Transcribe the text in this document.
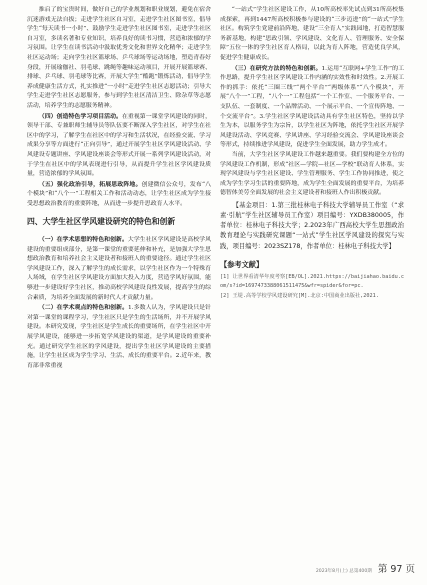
推启了的宝贵时间，做好自己的学业规划和职业规划，避免在宿舍沉迷游戏无法自拔；走进学生社区自习室，走进学生社区图书室，倡导学生“每天读书一小时”、鼓励学生走进学生社区图书室，走进学生社区自习室，多读名著和专业知识，培养良好的读书习惯，营造和浓郁的学习氛围。让学生在读书活动中汲取优秀文化和世界文化精华；走进学生社区运动场；走向学生社区篮球场、乒乓球场等运动场地，塑造青春好身段，开展瑜伽社、羽毛球、跳绳等趣味运动项目，开展开展篮球赛、排球、乒乓球、羽毛球等比赛，开展大学生“酷跑”锻炼活动，倡导学生养成健康生活方式，扎实推进“一小时”走进学生社区志愿活动；引导大学生走进学生社区志愿服务，参与到学生社区清洁卫生、除杂草等志愿活动，培养学生的志愿服务精神。

（四）创造特色学习项目活动。在重视第一课堂学风建设的同时，领导干部、专兼职师生辅导员等队伍要不断深入学生社区，对学生在社区中的学习，了解学生在社区中的学习和生活状况，在经验交流、学习成果分享等方面进行“正向引导”，通过开展学生社区学风建设活动、学风建设专题讲座、学风建设座谈会等形式开展一系列学风建设活动，对于学生在社区中的学风表现进行引导，从而提升学生社区学风建设质量，营造浓郁的学风氛围。

（五）强化政治引导，拓展思政阵地。创建微信公众号，发布“八个模块”和“八个一”工程相关工作和活动动态，让学生社区成为学生接受思想政治教育的重要阵地，从而进一步提升思政育人水平。

四、大学生社区学风建设研究的特色和创新

（一）在学术思想的特色和创新。大学生社区学风建设是高校学风建设的重要组成部分，是第一课堂的重要延伸和补充，是加强大学生思想政治教育和培养社会主义建设者和接班人的重要途径。通过学生社区学风建设工作，深入了解学生的成长需求，以学生社区作为一个特殊育人场域，在学生社区学风建设方面加大投入力度，营造学风好氛围，能够进一步建设好学生社区，推动高校学风建设良性发展，提高学生的综合素质，为培养全面发展的新时代人才贡献力量。

（二）在学术观点的特色和创新。1.多数人认为，学风建设只是针对第一课堂的课程学习，学生社区只是学生的生活场所，并不开展学风建设。本研究发现，学生社区是学生成长的重要场所，在学生社区中开展学风建设，能够进一步拓宽学风建设的渠道，是学风建设的重要补充。通过研究学生社区的学风建设，提出学生社区学风建设的主要措施，让学生社区成为学生学习、生活、成长的重要平台。2.近年来，教育部非常重视

“一站式”学生社区建设工作，从10所高校率先试点到31所高校集成探索，再到1447所高校积极参与建设的“三步迈进”的“一站式”学生社区。构筑学生党建前沿阵地，建设“三全育人”实践园地，打造智慧服务新基地，构建“思政引领、学风建设、文化育人、管理服务、安全保障”五位一体的学生社区育人格局，以此为育人阵地，营造优良学风，促进学生健康成长。

（三）在研究方法的特色和创新。1.运用“互联网+学生工作”的工作思路，提升学生社区学风建设工作内涵的实效性和时效性。2.开展工作的抓手：依托“三圈三线”“两个平台”“两级体系”“八个模块”，开展“八个一”工程，“八个一”工程包括“一个工作室、一个服务平台、一支队伍、一套制度、一个品牌活动、一个展示平台、一个宣传阵地、一个交流平台”。3.学生社区学风建设活动具有学生社区特色，坚持以学生为本，以服务学生为宗旨，以学生社区为阵地，依托学生社区开展学风建设活动、学风竞赛、学风讲座、学习经验交流会、学风建设座谈会等形式，持续推进学风建设，促进学生全面发展，助力学生成才。

当前，大学生社区学风建设工作越来越重要。我们要构建全方位的学风建设工作机制，形成“社区—学院—社区—学校”联动育人体系，实现学风建设与学生社区建设、学生管理服务、学生工作协同推进，使之成为学生学习生活的重要阵地，成为学生全面发展的重要平台，为培养德智体美劳全面发展的社会主义建设者和接班人作出积极贡献。

【基金项目：1.第三批桂林电子科技大学辅导员工作室（“求素·引航”学生社区辅导员工作室）项目编号：YXDB380005，作者单位：桂林电子科技大学；2.2023年广西高校大学生思想政治教育理论与实践研究课题“一站式”学生社区学风建设的探究与实践，项目编号：2023SZ178，作者单位：桂林电子科技大学】

【参考文献】

[1] 让世界看清华年度考察[EB/OL].2021.https://baijiahao.baidu.com/s?id=1697473388061511475&wfr=spider&for=pc.

[2] 王堤.高等学校学风建设研究[M].北京:中国商业出版社,2021.

2023年8月(上) 总第400期 第 97 页
